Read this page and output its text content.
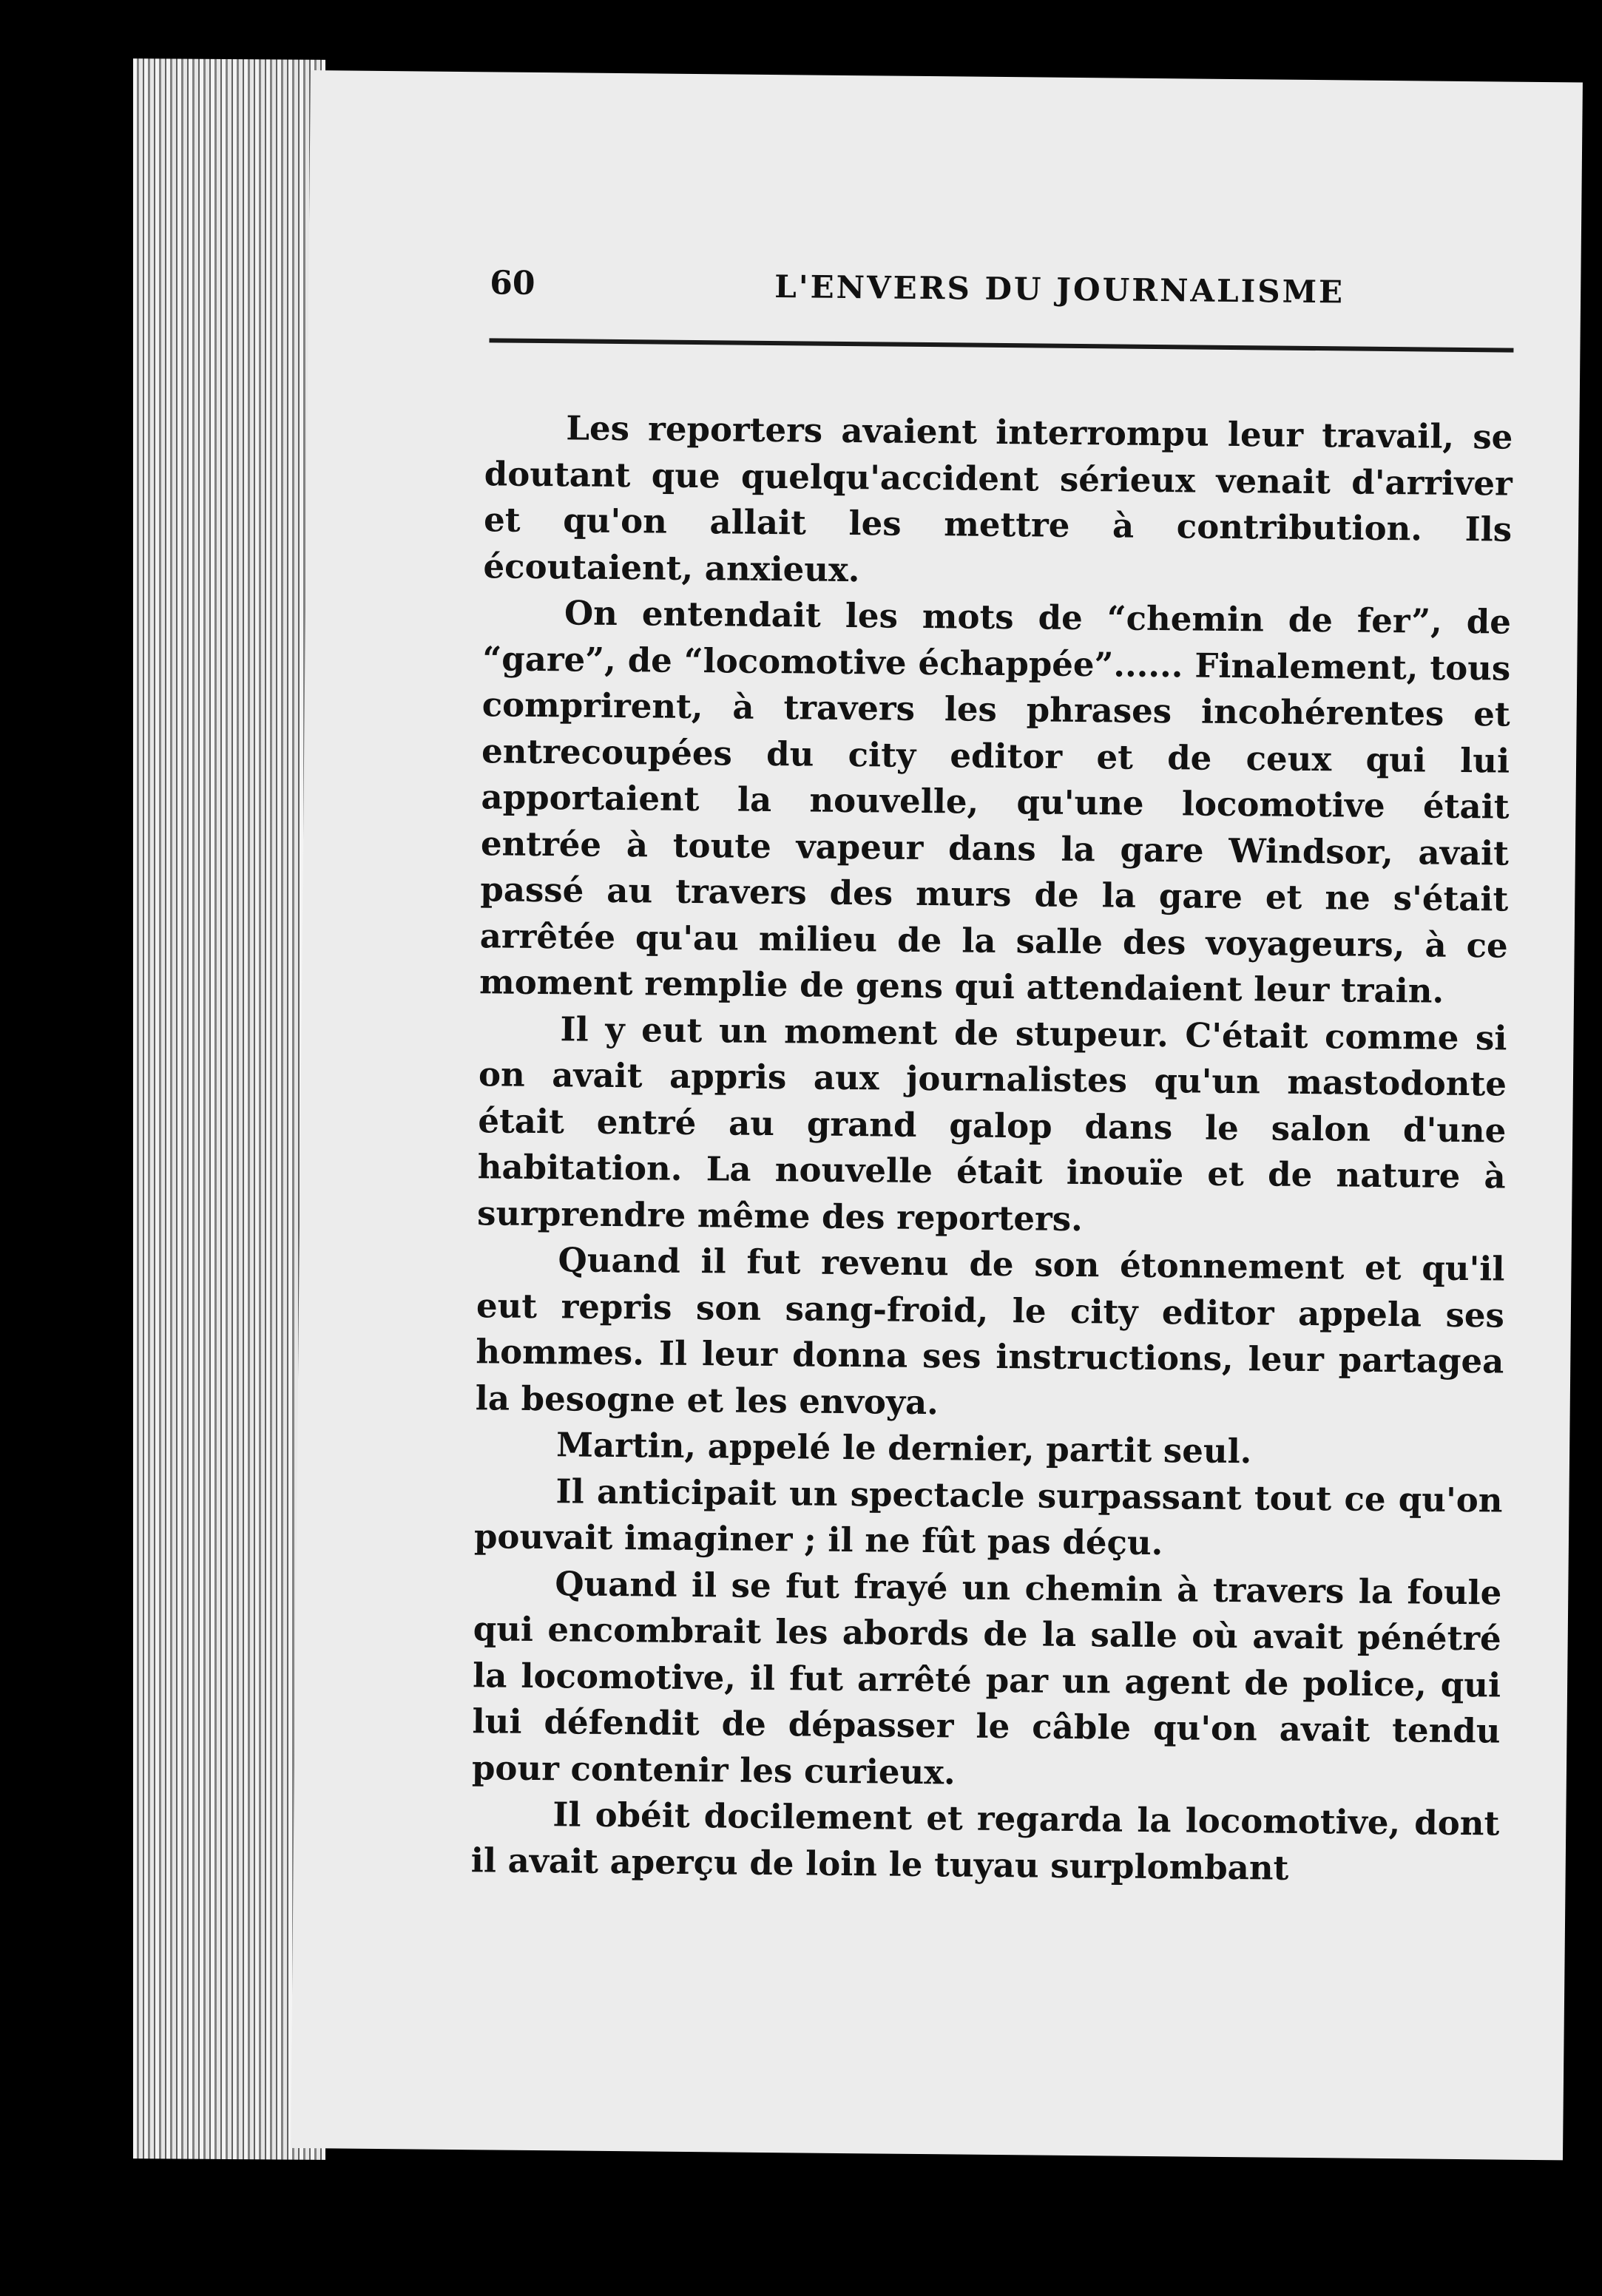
60	L'ENVERS DU JOURNALISME

Les reporters avaient interrompu leur travail, se doutant que quelqu'accident sérieux venait d'arriver et qu'on allait les mettre à contribution. Ils écoutaient, anxieux.

On entendait les mots de “chemin de fer”, de “gare”, de “locomotive échappée”...... Finalement, tous comprirent, à travers les phrases incohérentes et entrecoupées du city editor et de ceux qui lui apportaient la nouvelle, qu'une locomotive était entrée à toute vapeur dans la gare Windsor, avait passé au travers des murs de la gare et ne s'était arrêtée qu'au milieu de la salle des voyageurs, à ce moment remplie de gens qui attendaient leur train.

Il y eut un moment de stupeur. C'était comme si on avait appris aux journalistes qu'un mastodonte était entré au grand galop dans le salon d'une habitation. La nouvelle était inouïe et de nature à surprendre même des reporters.

Quand il fut revenu de son étonnement et qu'il eut repris son sang-froid, le city editor appela ses hommes. Il leur donna ses instructions, leur partagea la besogne et les envoya.

Martin, appelé le dernier, partit seul.

Il anticipait un spectacle surpassant tout ce qu'on pouvait imaginer ; il ne fût pas déçu.

Quand il se fut frayé un chemin à travers la foule qui encombrait les abords de la salle où avait pénétré la locomotive, il fut arrêté par un agent de police, qui lui défendit de dépasser le câble qu'on avait tendu pour contenir les curieux.

Il obéit docilement et regarda la locomotive, dont il avait aperçu de loin le tuyau surplombant
